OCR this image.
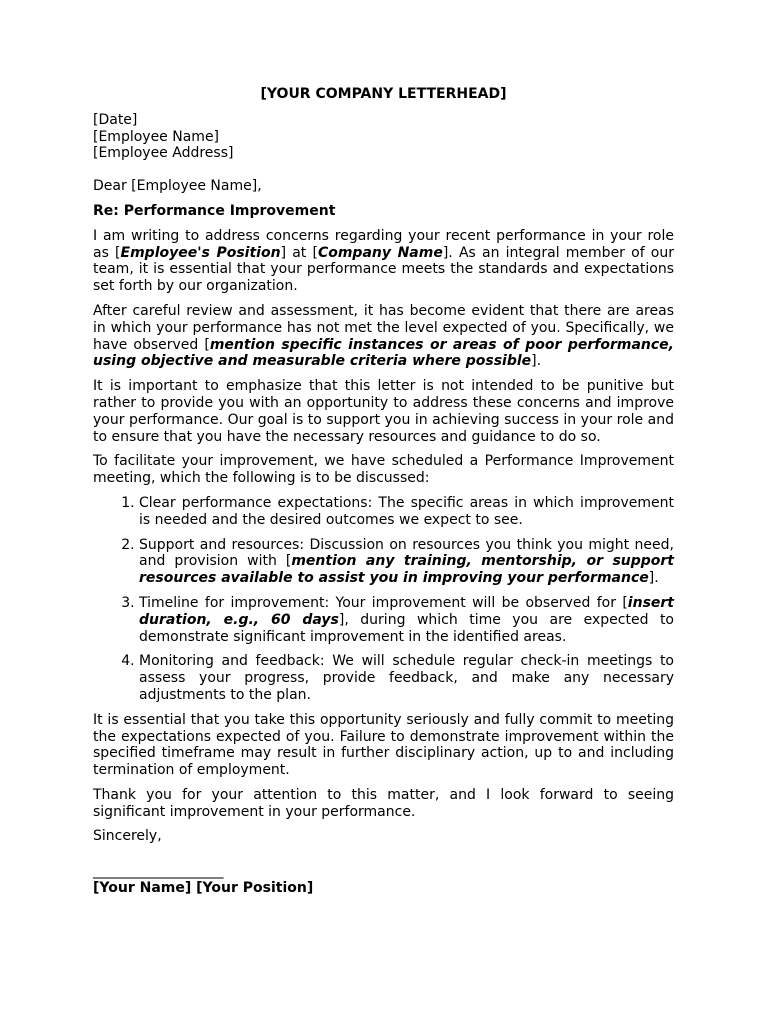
[YOUR COMPANY LETTERHEAD]

[Date]

[Employee Name]

[Employee Address]

Dear [Employee Name],

Re: Performance Improvement

I am writing to address concerns regarding your recent performance in your role as [Employee's Position] at [Company Name]. As an integral member of our team, it is essential that your performance meets the standards and expectations set forth by our organization.

After careful review and assessment, it has become evident that there are areas in which your performance has not met the level expected of you. Specifically, we have observed [mention specific instances or areas of poor performance, using objective and measurable criteria where possible].

It is important to emphasize that this letter is not intended to be punitive but rather to provide you with an opportunity to address these concerns and improve your performance. Our goal is to support you in achieving success in your role and to ensure that you have the necessary resources and guidance to do so.

To facilitate your improvement, we have scheduled a Performance Improvement meeting, which the following is to be discussed:

1. Clear performance expectations: The specific areas in which improvement is needed and the desired outcomes we expect to see.
2. Support and resources: Discussion on resources you think you might need, and provision with [mention any training, mentorship, or support resources available to assist you in improving your performance].
3. Timeline for improvement: Your improvement will be observed for [insert duration, e.g., 60 days], during which time you are expected to demonstrate significant improvement in the identified areas.
4. Monitoring and feedback: We will schedule regular check-in meetings to assess your progress, provide feedback, and make any necessary adjustments to the plan.

It is essential that you take this opportunity seriously and fully commit to meeting the expectations expected of you. Failure to demonstrate improvement within the specified timeframe may result in further disciplinary action, up to and including termination of employment.

Thank you for your attention to this matter, and I look forward to seeing significant improvement in your performance.

Sincerely,

____________________

[Your Name] [Your Position]
